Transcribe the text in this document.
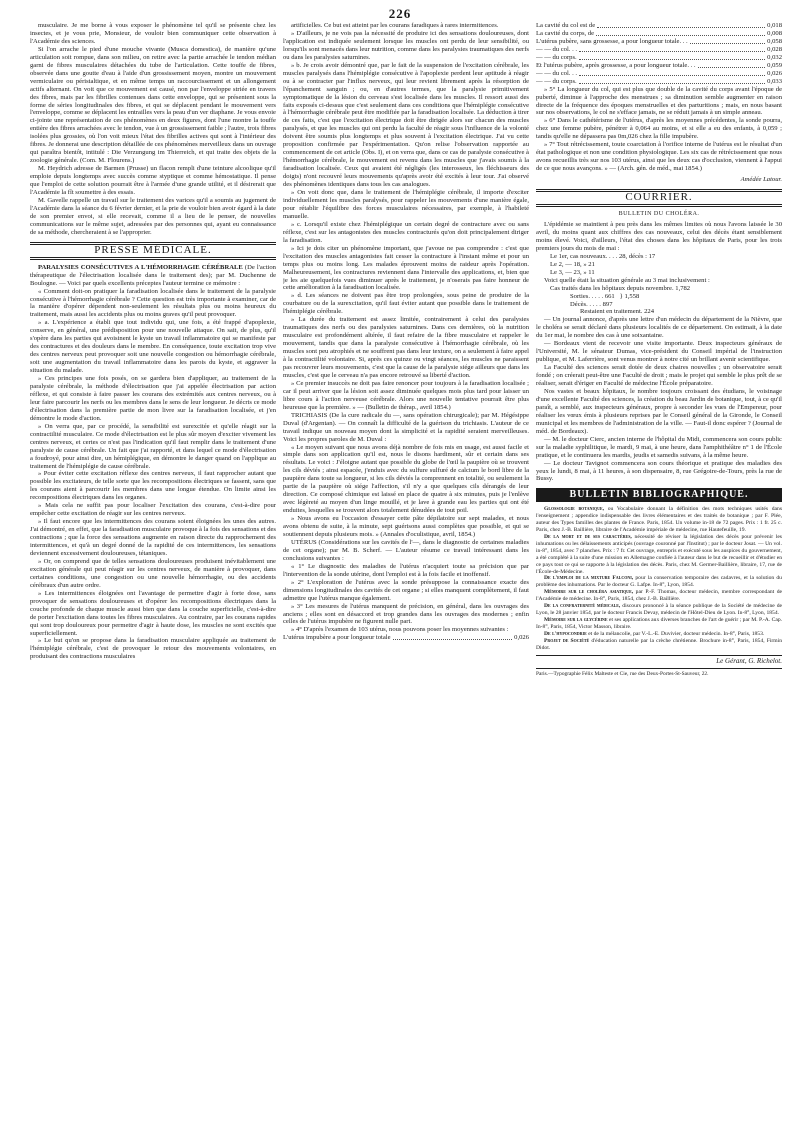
226

musculaire. Je me borne à vous exposer le phénomène tel qu'il se présente chez les insectes, et je vous prie, Monsieur, de vouloir bien communiquer cette observation à l'Académie des sciences.

Si l'on arrache le pied d'une mouche vivante (Musca domestica), de manière qu'une articulation soit rompue, dans son milieu, on retire avec la partie arrachée le tendon médian garni de fibres musculaires détachées du tube de l'articulation. Cette touffe de fibres, observée dans une goutte d'eau à l'aide d'un grossissement moyen, montre un mouvement vermiculaire ou péristaltique, et en même temps un raccourcissement et un allongement actifs alternant. On voit que ce mouvement est causé, non par l'enveloppe striée en travers des fibres, mais par les fibrilles contenues dans cette enveloppe, qui se présentent sous la forme de séries longitudinales des fibres, et qui se déplacent pendant le mouvement vers l'enveloppe, comme se déplacent les entrailles vers la peau d'un ver diaphane. Je vous envoie ci-jointe une représentation de ces phénomènes en deux figures, dont l'une montre la touffe entière des fibres arrachées avec le tendon, vue à un grossissement faible ; l'autre, trois fibres isolées plus grossies, où l'on voit mieux l'état des fibrilles actives qui sont à l'intérieur des fibres. Je donnerai une description détaillée de ces phénomènes merveilleux dans un ouvrage qui paraîtra bientôt, intitulé : Die Verzungung im Thierreich, et qui traite des objets de la zoologie générale. (Com. M. Flourens.)

M. Heydrich adresse de Barmen (Prusse) un flacon rempli d'une teinture alcoolique qu'il emploie depuis longtemps avec succès comme styptique et comme hémostatique. Il pense que l'emploi de cette solution pourrait être à l'armée d'une grande utilité, et il désirerait que l'Académie la fît soumettre à des essais.

M. Gavelle rappelle un travail sur le traitement des varices qu'il a soumis au jugement de l'Académie dans la séance du 6 février dernier, et la prie de vouloir bien avoir égard à la date de son premier envoi, si elle recevait, comme il a lieu de le penser, de nouvelles communications sur le même sujet, adressées par des personnes qui, ayant eu connaissance de sa méthode, chercheraient à se l'approprier.

PRESSE MÉDICALE.

PARALYSIES CONSÉCUTIVES A L'HÉMORRHAGIE CÉRÉBRALE (De l'action thérapeutique de l'électrisation localisée dans le traitement des); par M. Duchenne de Boulogne. — Voici par quels excellents préceptes l'auteur termine ce mémoire :

« Comment doit-on pratiquer la faradisation localisée dans le traitement de la paralysie consécutive à l'hémorrhagie cérébrale ? Cette question est très importante à examiner, car de la manière d'opérer dépendent non-seulement les résultats plus ou moins heureux du traitement, mais aussi les accidents plus ou moins graves qu'il peut provoquer.

» a. L'expérience a établi que tout individu qui, une fois, a été frappé d'apoplexie, conserve, en général, une prédisposition pour une nouvelle attaque. On sait, de plus, qu'il s'opère dans les parties qui avoisinent le kyste un travail inflammatoire qui se manifeste par des contractures et des douleurs dans le membre. En conséquence, toute excitation trop vive des centres nerveux peut provoquer soit une nouvelle congestion ou hémorrhagie cérébrale, soit une augmentation du travail inflammatoire dans les parois du kyste, et aggraver la situation du malade.

» Ces principes une fois posés, on se gardera bien d'appliquer, au traitement de la paralysie cérébrale, la méthode d'électrisation que j'ai appelée électrisation par action réflexe, et qui consiste à faire passer les courans des extrémités aux centres nerveux, ou à leur faire parcourir les nerfs ou les membres dans le sens de leur longueur. Je décris ce mode d'électrisation dans la première partie de mon livre sur la faradisation localisée, et j'en démontre le mode d'action.

» On verra que, par ce procédé, la sensibilité est surexcitée et qu'elle réagit sur la contractilité musculaire. Ce mode d'électrisation est le plus sûr moyen d'exciter vivement les centres nerveux, et certes ce n'est pas l'indication qu'il faut remplir dans le traitement d'une paralysie de cause cérébrale. Un fait que j'ai rapporté, et dans lequel ce mode d'électrisation a foudroyé, pour ainsi dire, un hémiplégique, en démontre le danger quand on l'applique au traitement de l'hémiplégie de cause cérébrale.

» Pour éviter cette excitation réflexe des centres nerveux, il faut rapprocher autant que possible les excitateurs, de telle sorte que les recompositions électriques se fassent, sans que les courans aient à parcourir les membres dans une longue étendue. On limite ainsi les recompositions électriques dans les organes.

» Mais cela ne suffit pas pour localiser l'excitation des courans, c'est-à-dire pour empêcher cette excitation de réagir sur les centres nerveux.

» Il faut encore que les intermittences des courans soient éloignées les unes des autres. J'ai démontré, en effet, que la faradisation musculaire provoque à la fois des sensations et des contractions ; que la force des sensations augmente en raison directe du rapprochement des intermittences, et qu'à un degré donné de la rapidité de ces intermittences, les sensations deviennent excessivement douloureuses, tétaniques.

» Or, on comprend que de telles sensations douloureuses produisent inévitablement une excitation générale qui peut réagir sur les centres nerveux, de manière à provoquer, dans certaines conditions, une congestion ou une nouvelle hémorrhagie, ou des accidents cérébraux d'un autre ordre.

» Les intermittences éloignées ont l'avantage de permettre d'agir à forte dose, sans provoquer de sensations douloureuses et d'opérer les recompositions électriques dans la couche profonde de chaque muscle aussi bien que dans la couche superficielle, c'est-à-dire de porter l'excitation dans toutes les fibres musculaires. Au contraire, par les courans rapides qui sont trop douloureux pour permettre d'agir à haute dose, les muscles ne sont excités que superficiellement.

» Le but qu'on se propose dans la faradisation musculaire appliquée au traitement de l'hémiplégie cérébrale, c'est de provoquer le retour des mouvements volontaires, en produisant des contractions musculaires

artificielles. Ce but est atteint par les courans faradiques à rares intermittences.

» D'ailleurs, je ne vois pas la nécessité de produire ici des sensations douloureuses, dont l'application est indiquée seulement lorsque les muscles ont perdu de leur sensibilité, ou lorsqu'ils sont menacés dans leur nutrition, comme dans les paralysies traumatiques des nerfs ou dans les paralysies saturnines.

» b. Je crois avoir démontré que, par le fait de la suspension de l'excitation cérébrale, les muscles paralysés dans l'hémiplégie consécutive à l'apoplexie perdent leur aptitude à réagir ou à se contracter par l'influx nerveux, qui leur revient librement après la résorption de l'épanchement sanguin ; ou, en d'autres termes, que la paralysie primitivement symptomatique de la lésion du cerveau s'est localisée dans les muscles. Il ressort aussi des faits exposés ci-dessus que c'est seulement dans ces conditions que l'hémiplégie consécutive à l'hémorrhagie cérébrale peut être modifiée par la faradisation localisée. La déduction à tirer de ces faits, c'est que l'excitation électrique doit être dirigée alors sur chacun des muscles paralysés, et que les muscles qui ont perdu la faculté de réagir sous l'influence de la volonté doivent être soumis plus longtemps et plus souvent à l'excitation électrique. J'ai vu cette proposition confirmée par l'expérimentation. Qu'on relise l'observation rapportée au commencement de cet article (Obs. I), et on verra que, dans ce cas de paralysie consécutive à l'hémorrhagie cérébrale, le mouvement est revenu dans les muscles que j'avais soumis à la faradisation localisée. Ceux qui avaient été négligés (les interosseux, les fléchisseurs des doigts) n'ont recouvré leurs mouvements qu'après avoir été excités à leur tour. J'ai observé des phénomènes identiques dans tous les cas analogues.

» On voit donc que, dans le traitement de l'hémiplégie cérébrale, il importe d'exciter individuellement les muscles paralysés, pour rappeler les mouvements d'une manière égale, pour rétablir l'équilibre des forces musculaires nécessaires, par exemple, à l'habileté manuelle.

» c. Lorsqu'il existe chez l'hémiplégique un certain degré de contracture avec ou sans réflexe, c'est sur les antagonistes des muscles contracturés qu'on doit principalement diriger la faradisation.

» Ici je dois citer un phénomène important, que j'avoue ne pas comprendre : c'est que l'excitation des muscles antagonistes fait cesser la contracture à l'instant même et pour un temps plus ou moins long. Les malades éprouvent moins de raideur après l'opération. Malheureusement, les contractures reviennent dans l'intervalle des applications, et, bien que je les aie quelquefois vues diminuer après le traitement, je n'oserais pas faire honneur de cette amélioration à la faradisation localisée.

» d. Les séances ne doivent pas être trop prolongées, sous peine de produire de la courbature ou de la surexcitation, qu'il faut éviter autant que possible dans le traitement de l'hémiplégie cérébrale.

» La durée du traitement est assez limitée, contrairement à celui des paralysies traumatiques des nerfs ou des paralysies saturnines. Dans ces dernières, où la nutrition musculaire est profondément altérée, il faut refaire de la fibre musculaire et rappeler le mouvement, tandis que dans la paralysie consécutive à l'hémorrhagie cérébrale, où les muscles sont peu atrophiés et ne souffrent pas dans leur texture, on a seulement à faire appel à la contractilité volontaire. Si, après ces quinze ou vingt séances, les muscles ne paraissent pas recouvrer leurs mouvements, c'est que la cause de la paralysie siége ailleurs que dans les muscles, c'est que le cerveau n'a pas encore retrouvé sa liberté d'action.

» Ce premier insuccès ne doit pas faire renoncer pour toujours à la faradisation localisée ; car il peut arriver que la lésion soit assez diminuée quelques mois plus tard pour laisser un libre cours à l'action nerveuse cérébrale. Alors une nouvelle tentative pourrait être plus heureuse que la première. » — (Bulletin de thérap., avril 1854.)

TRICHIASIS (De la cure radicale du —, sans opération chirurgicale); par M. Hégésippe Duval (d'Argentan). — On connaît la difficulté de la guérison du trichiasis. L'auteur de ce travail indique un nouveau moyen dont la simplicité et la rapidité seraient merveilleuses. Voici les propres paroles de M. Duval :

« Le moyen suivant que nous avons déjà nombre de fois mis en usage, est aussi facile et simple dans son application qu'il est, nous le disons hardiment, sûr et certain dans ses résultats. Le voici : J'éloigne autant que possible du globe de l'œil la paupière où se trouvent les cils déviés ; ainsi espacée, j'enduis avec du sulfure sulfuré de calcium le bord libre de la paupière dans toute sa longueur, si les cils déviés la comprennent en totalité, ou seulement la partie de la paupière où siége l'affection, s'il n'y a que quelques cils dérangés de leur direction. Ce composé chimique est laissé en place de quatre à six minutes, puis je l'enlève avec légèreté au moyen d'un linge mouillé, et je lave à grande eau les parties qui ont été enduites, lesquelles se trouvent alors totalement dénudées de tout poil.

» Nous avons eu l'occasion d'essayer cette pâte dépilatoire sur sept malades, et nous avons obtenu de suite, à la minute, sept guérisons aussi complètes que possible, et qui se soutiennent depuis plusieurs mois. » (Annales d'oculistique, avril, 1854.)

UTÉRUS (Considérations sur les cavités de l'—, dans le diagnostic de certaines maladies de cet organe); par M. B. Scherf. — L'auteur résume ce travail intéressant dans les conclusions suivantes :

« 1° Le diagnostic des maladies de l'utérus n'acquiert toute sa précision que par l'intervention de la sonde utérine, dont l'emploi est à la fois facile et inoffensif.

» 2° L'exploration de l'utérus avec la sonde présuppose la connaissance exacte des dimensions longitudinales des cavités de cet organe ; si elles manquent complètement, il faut admettre que l'utérus manque également.

» 3° Les mesures de l'utérus manquent de précision, en général, dans les ouvrages des anciens ; elles sont en désaccord et trop grandes dans les ouvrages des modernes ; enfin celles de l'utérus impubère ne figurent nulle part.

» 4° D'après l'examen de 103 utérus, nous pouvons poser les moyennes suivantes :

L'utérus impubère a pour longueur totale	0,026
La cavité du col est de	0,018
La cavité du corps, de	0,008
L'utérus pubère, sans grossesse, a pour longueur totale. . .	0,058
— — du col. . .	0,028
— — du corps.	0,032
Et l'utérus pubère, après grossesse, a pour longueur totale. . .	0,059
— — du col. . .	0,026
— — du corps.	0,033

» 5° La longueur du col, qui est plus que double de la cavité du corps avant l'époque de puberté, diminue à l'approche des menstrues ; sa diminution semble augmenter en raison directe de la fréquence des époques menstruelles et des parturitions ; mais, en nous basant sur nos observations, le col ne s'efface jamais, ne se réduit jamais à un simple anneau.

» 6° Dans le cathétérisme de l'utérus, d'après les moyennes précédentes, la sonde pourra, chez une femme pubère, pénétrer à 0,064 au moins, et si elle a eu des enfants, à 0,059 ; tandis qu'elle ne dépassera pas 0m,026 chez la fille impubère.

» 7° Tout rétrécissement, toute coarctation à l'orifice interne de l'utérus est le résultat d'un état pathologique et non une condition physiologique. Les six cas de rétrécissement que nous avons recueillis très sur nos 103 utérus, ainsi que les deux cas d'occlusion, viennent à l'appui de ce que nous avançons. » — (Arch. gén. de méd., mai 1854.)

Amédée Latour.
COURRIER.
BULLETIN DU CHOLÉRA.

L'épidémie se maintient à peu près dans les mêmes limites où nous l'avons laissée le 30 avril, du moins quant aux chiffres des cas nouveaux, celui des décès étant sensiblement moins élevé. Voici, d'ailleurs, l'état des choses dans les hôpitaux de Paris, pour les trois premiers jours du mois de mai :

Le 1er, cas nouveaux. . . . 28, décès : 17
Le 2, — 18, » 21
Le 3, — 23, » 11

Voici quelle était la situation générale au 3 mai inclusivement :

Cas traités dans les hôpitaux depuis novembre. 1,782
Sorties. . . . . 661   } 1,558
Décès. . . . . 897
Restaient en traitement. 224

— Un journal annonce, d'après une lettre d'un médecin du département de la Nièvre, que le choléra se serait déclaré dans plusieurs localités de ce département. On estimait, à la date du 1er mai, le nombre des cas à une soixantaine.

— Bordeaux vient de recevoir une visite importante. Deux inspecteurs généraux de l'Université, M. le sénateur Dumas, vice-président du Conseil impérial de l'instruction publique, et M. Laferrière, sont venus montrer à notre cité un brillant avenir scientifique.

La Faculté des sciences serait dotée de deux chaires nouvelles ; un observatoire serait fondé ; on créerait peut-être une Faculté de droit ; mais le projet qui semble le plus prêt de se réaliser, serait d'ériger en Faculté de médecine l'École préparatoire.

Nos vastes et beaux hôpitaux, le nombre toujours croissant des étudians, le voisinage d'une excellente Faculté des sciences, la création du beau Jardin de botanique, tout, à ce qu'il paraît, a semblé, aux inspecteurs généraux, propre à seconder les vues de l'Empereur, pour réaliser les vœux émis à plusieurs reprises par le Conseil général de la Gironde, le Conseil municipal et les membres de l'administration de la ville. — Faut-il donc espérer ? (Journal de méd. de Bordeaux).

— M. le docteur Cierc, ancien interne de l'hôpital du Midi, commencera son cours public sur la maladie syphilitique, le mardi, 9 mai, à une heure, dans l'amphithéâtre n° 1 de l'École pratique, et le continuera les mardis, jeudis et samedis suivans, à la même heure.

— Le docteur Tavignot commencera son cours théorique et pratique des maladies des yeux le lundi, 8 mai, à 11 heures, à son dispensaire, 8, rue Grégoire-de-Tours, près la rue de Bussy.

BULLETIN BIBLIOGRAPHIQUE.

Glossologie botanique, ou Vocabulaire donnant la définition des mots techniques usités dans l'enseignement ; appendice indispensable des livres élémentaires et des traités de botanique ; par F. Plée, auteur des Types familles des plantes de France. Paris, 1854. Un volume in-18 de 72 pages. Prix : 1 fr. 25 c. Paris, chez J.-B. Baillière, libraire de l'Académie impériale de médecine, rue Hautefeuille, 19.

De la mort et de ses caractères, nécessité de réviser la législation des décès pour prévenir les inhumations ou les délaissements anticipés (ouvrage couronné par l'Institut) ; par le docteur Josat. — Un vol. in-8°, 1854, avec 7 planches. Prix : 7 fr. Cet ouvrage, entrepris et exécuté sous les auspices du gouvernement, a été complété à la suite d'une mission en Allemagne confiée à l'auteur dans le but de recueillir et d'étudier en ce pays tout ce qui se rapporte à la législation des décès. Paris, chez M. Germer-Baillière, libraire, 17, rue de l'École-de-Médecine.

De l'emploi de la mixture Falconi, pour la conservation temporaire des cadavres, et la solution du problème des inhumations. Par le docteur G. Lafpe. In-8°, Lyon, 1854.

Mémoire sur le choléra asiatique, par P.-F. Thomas, docteur médecin, membre correspondant de l'Académie de médecine. In-8°, Paris, 1854, chez J.-B. Baillière.

De la confraternité médicale, discours prononcé à la séance publique de la Société de médecine de Lyon, le 28 janvier 1854, par le docteur Francis Devay, médecin de l'Hôtel-Dieu de Lyon. In-8°, Lyon, 1854.

Mémoire sur la glycérine et ses applications aux diverses branches de l'art de guérir ; par M. P.-A. Cap. In-8°, Paris, 1854, Victor Masson, libraire.

De l'hypocondrie et de la mélancolie, par V.-L.-E. Duvivier, docteur médecin. In-8°, Paris, 1853.

Projet de Société d'éducation naturelle par la crèche chrétienne. Brochure in-8°, Paris, 1854, Firmin Didot.

Le Gérant, G. Richelot.
Paris.—Typographie Félix Malteste et Cie, rue des Deux-Portes-St-Sauveur, 22.
